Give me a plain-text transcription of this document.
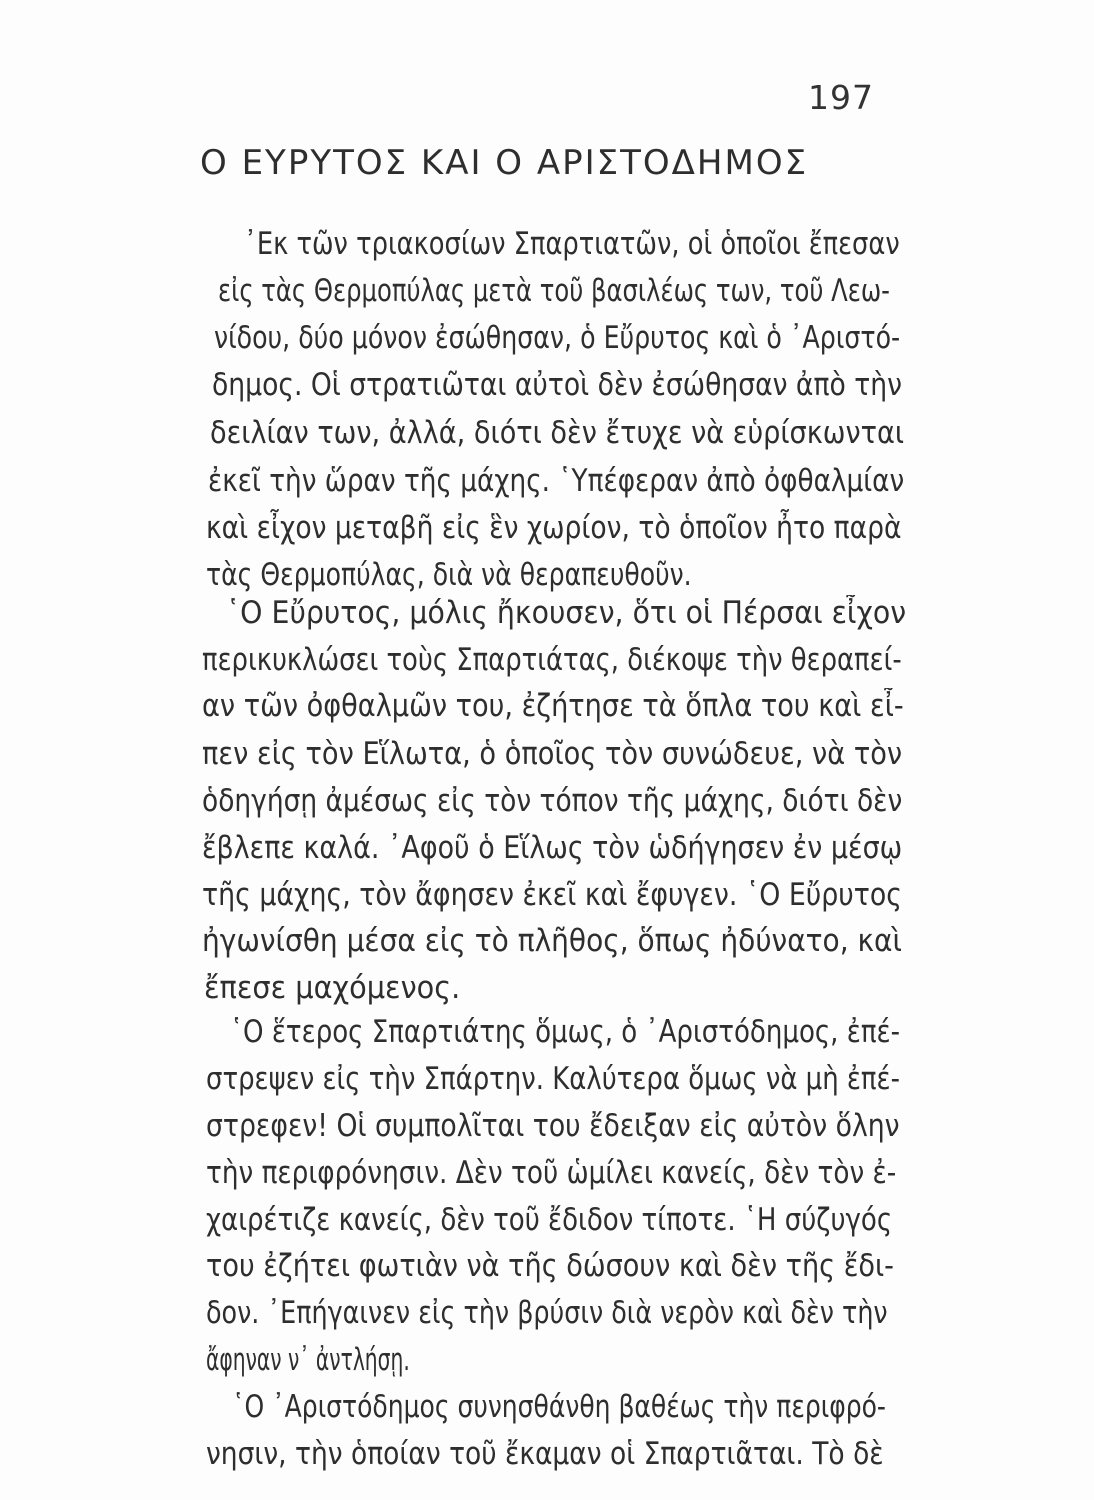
197
Ο ΕΥΡΥΤΟΣ ΚΑΙ Ο ΑΡΙΣΤΟΔΗΜΟΣ
᾿Εκ τῶν τριακοσίων Σπαρτιατῶν, οἱ ὁποῖοι ἔπεσαν
εἰς τὰς Θερμοπύλας μετὰ τοῦ βασιλέως των, τοῦ Λεω-
νίδου, δύο μόνον ἐσώθησαν, ὁ Εὔρυτος καὶ ὁ ᾿Αριστό-
δημος. Οἱ στρατιῶται αὐτοὶ δὲν ἐσώθησαν ἀπὸ τὴν
δειλίαν των, ἀλλά, διότι δὲν ἔτυχε νὰ εὑρίσκωνται
ἐκεῖ τὴν ὥραν τῆς μάχης. ῾Υπέφεραν ἀπὸ ὀφθαλμίαν
καὶ εἶχον μεταβῆ εἰς ἓν χωρίον, τὸ ὁποῖον ἦτο παρὰ
τὰς Θερμοπύλας, διὰ νὰ θεραπευθοῦν.
῾Ο Εὔρυτος, μόλις ἤκουσεν, ὅτι οἱ Πέρσαι εἶχον
περικυκλώσει τοὺς Σπαρτιάτας, διέκοψε τὴν θεραπεί-
αν τῶν ὀφθαλμῶν του, ἐζήτησε τὰ ὅπλα του καὶ εἶ-
πεν εἰς τὸν Εἵλωτα, ὁ ὁποῖος τὸν συνώδευε, νὰ τὸν
ὁδηγήσῃ ἀμέσως εἰς τὸν τόπον τῆς μάχης, διότι δὲν
ἔβλεπε καλά. ᾿Αφοῦ ὁ Εἵλως τὸν ὡδήγησεν ἐν μέσῳ
τῆς μάχης, τὸν ἄφησεν ἐκεῖ καὶ ἔφυγεν. ῾Ο Εὔρυτος
ἠγωνίσθη μέσα εἰς τὸ πλῆθος, ὅπως ἠδύνατο, καὶ
ἔπεσε μαχόμενος.
῾Ο ἕτερος Σπαρτιάτης ὅμως, ὁ ᾿Αριστόδημος, ἐπέ-
στρεψεν εἰς τὴν Σπάρτην. Καλύτερα ὅμως νὰ μὴ ἐπέ-
στρεφεν! Οἱ συμπολῖται του ἔδειξαν εἰς αὐτὸν ὅλην
τὴν περιφρόνησιν. Δὲν τοῦ ὡμίλει κανείς, δὲν τὸν ἐ-
χαιρέτιζε κανείς, δὲν τοῦ ἔδιδον τίποτε. ῾Η σύζυγός
του ἐζήτει φωτιὰν νὰ τῆς δώσουν καὶ δὲν τῆς ἔδι-
δον. ᾿Επήγαινεν εἰς τὴν βρύσιν διὰ νερὸν καὶ δὲν τὴν
ἄφηναν ν᾿ ἀντλήσῃ.
῾Ο ᾿Αριστόδημος συνησθάνθη βαθέως τὴν περιφρό-
νησιν, τὴν ὁποίαν τοῦ ἔκαμαν οἱ Σπαρτιᾶται. Τὸ δὲ
